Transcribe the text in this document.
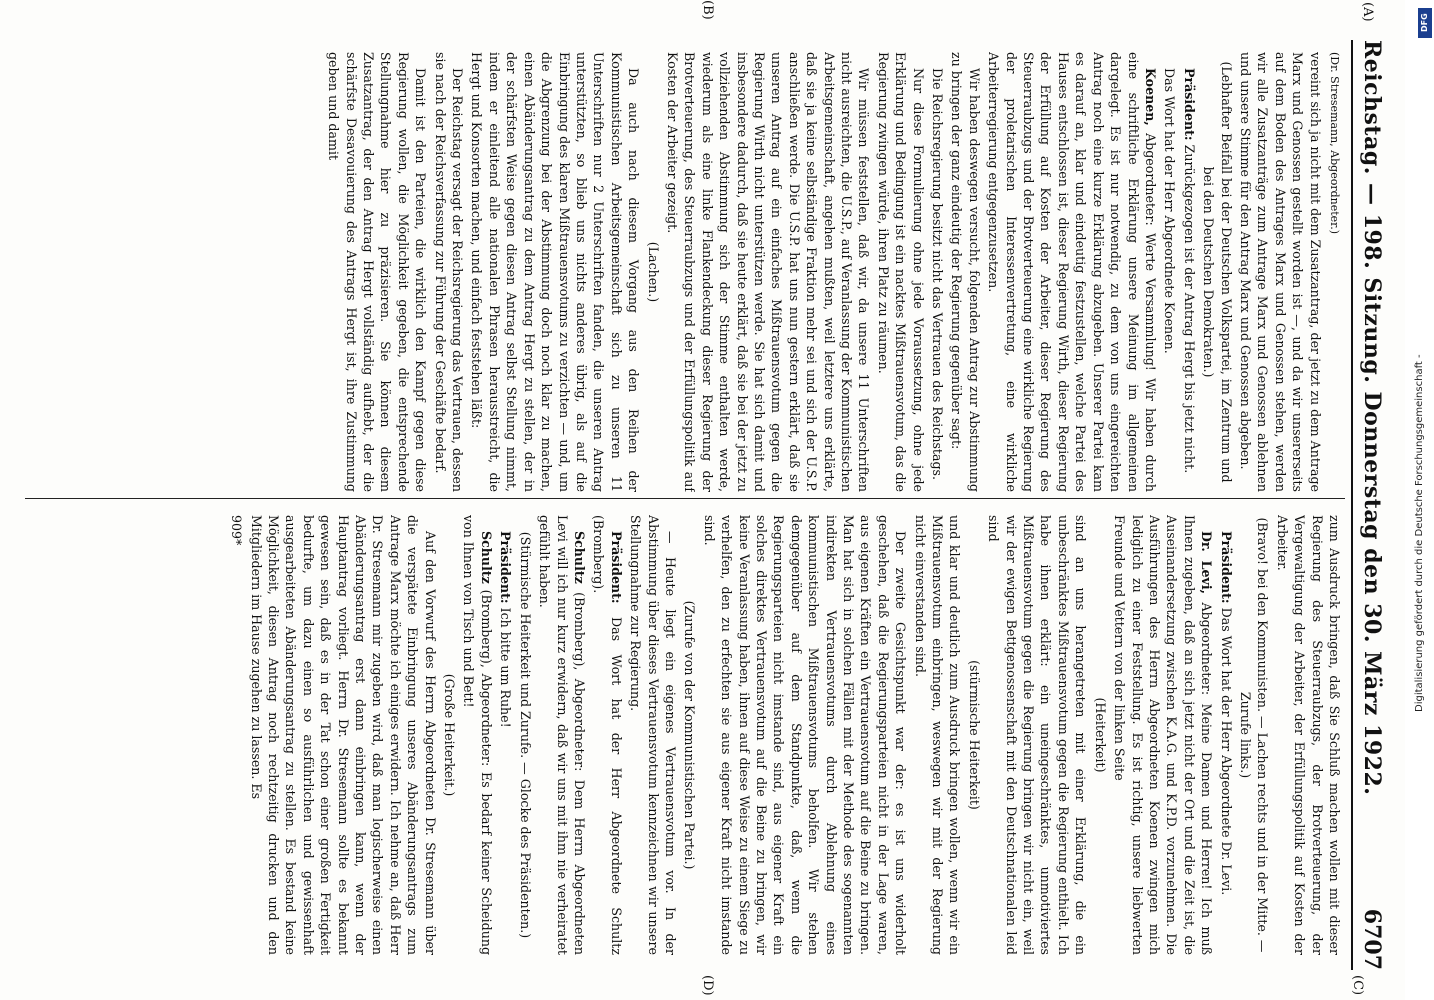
Reichstag. — 198. Sitzung. Donnerstag den 30. März 1922.
6707
(A)
(B)
(C)
(D)

(Dr. Stresemann, Abgeordneter.)

vereint sich ja nicht mit dem Zusatzantrag, der jetzt zu dem Antrage Marx und Genossen gestellt worden ist —, und da wir unsererseits auf dem Boden des Antrages Marx und Genossen stehen, werden wir alle Zusatzanträge zum Antrage Marx und Genossen ablehnen und unsere Stimme für den Antrag Marx und Genossen abgeben.

(Lebhafter Beifall bei der Deutschen Volkspartei, im Zentrum und bei den Deutschen Demokraten.)

Präsident: Zurückgezogen ist der Antrag Hergt bis jetzt nicht.

Das Wort hat der Herr Abgeordnete Koenen.

Koenen, Abgeordneter: Werte Versammlung! Wir haben durch eine schriftliche Erklärung unsere Meinung im allgemeinen dargelegt. Es ist nur notwendig, zu dem von uns eingereichten Antrag noch eine kurze Erklärung abzugeben. Unserer Partei kam es darauf an, klar und eindeutig festzustellen, welche Partei des Hauses entschlossen ist, dieser Regierung Wirth, dieser Regierung der Erfüllung auf Kosten der Arbeiter, dieser Regierung des Steuerraubzugs und der Brotverteuerung eine wirkliche Regierung der proletarischen Interessenvertretung, eine wirkliche Arbeiterregierung entgegenzusetzen.

Wir haben deswegen versucht, folgenden Antrag zur Abstimmung zu bringen der ganz eindeutig der Regierung gegenüber sagt:

Die Reichsregierung besitzt nicht das Vertrauen des Reichstags.

Nur diese Formulierung ohne jede Voraussetzung, ohne jede Erklärung und Bedingung ist ein nacktes Mißtrauensvotum, das die Regierung zwingen würde, ihren Platz zu räumen.

Wir müssen feststellen, daß wir, da unsere 11 Unterschriften nicht ausreichten, die U.S.P., auf Veranlassung der Kommunistischen Arbeitsgemeinschaft, angehen mußten, weil letztere uns erklärte, daß sie ja keine selbständige Fraktion mehr sei und sich der U.S.P. anschließen werde. Die U.S.P. hat uns nun gestern erklärt, daß sie unseren Antrag auf ein einfaches Mißtrauensvotum gegen die Regierung Wirth nicht unterstützen werde. Sie hat sich damit und insbesondere dadurch, daß sie heute erklärt, daß sie bei der jetzt zu vollziehenden Abstimmung sich der Stimme enthalten werde, wiederum als eine linke Flankendeckung dieser Regierung der Brotverteuerung, des Steuerraubzugs und der Erfüllungspolitik auf Kosten der Arbeiter gezeigt.

(Lachen.)

Da auch nach diesem Vorgang aus den Reihen der Kommunistischen Arbeitsgemeinschaft sich zu unseren 11 Unterschriften nur 2 Unterschriften fanden, die unseren Antrag unterstützten, so blieb uns nichts anderes übrig, als auf die Einbringung des klaren Mißtrauensvotums zu verzichten — und, um die Abgrenzung bei der Abstimmung doch noch klar zu machen, einen Abänderungsantrag zu dem Antrag Hergt zu stellen, der in der schärfsten Weise gegen diesen Antrag selbst Stellung nimmt, indem er einleitend alle nationalen Phrasen herausstreicht, die Hergt und Konsorten machen, und einfach feststehen läßt:

Der Reichstag versagt der Reichsregierung das Vertrauen, dessen sie nach der Reichsverfassung zur Führung der Geschäfte bedarf.

Damit ist den Parteien, die wirklich den Kampf gegen diese Regierung wollen, die Möglichkeit gegeben, die entsprechende Stellungnahme hier zu präzisieren. Sie können diesem Zusatzantrag, der den Antrag Hergt vollständig aufhebt, der die schärfste Desavouierung des Antrags Hergt ist, ihre Zustimmung geben und damit

zum Ausdruck bringen, daß Sie Schluß machen wollen mit dieser Regierung des Steuerraubzugs, der Brotverteuerung, der Vergewaltigung der Arbeiter, der Erfüllungspolitik auf Kosten der Arbeiter.

(Bravo! bei den Kommunisten. — Lachen rechts und in der Mitte. — Zurufe links.)

Präsident: Das Wort hat der Herr Abgeordnete Dr. Levi.

Dr. Levi, Abgeordneter: Meine Damen und Herren! Ich muß Ihnen zugeben, daß an sich jetzt nicht der Ort und die Zeit ist, die Auseinandersetzung zwischen K.A.G. und K.P.D. vorzunehmen. Die Ausführungen des Herrn Abgeordneten Koenen zwingen mich lediglich zu einer Feststellung. Es ist richtig, unsere liebwerten Freunde und Vettern von der linken Seite

(Heiterkeit)

sind an uns herangetreten mit einer Erklärung, die ein unbeschränktes Mißtrauensvotum gegen die Regierung enthielt. Ich habe ihnen erklärt: ein uneingeschränktes, unmotiviertes Mißtrauensvotum gegen die Regierung bringen wir nicht ein, weil wir der ewigen Bettgenossenschaft mit den Deutschnationalen leid sind

(stürmische Heiterkeit)

und klar und deutlich zum Ausdruck bringen wollen, wenn wir ein Mißtrauensvotum einbringen, weswegen wir mit der Regierung nicht einverstanden sind.

Der zweite Gesichtspunkt war der: es ist uns widerholt geschehen, daß die Regierungsparteien nicht in der Lage waren, aus eigenen Kräften ein Vertrauensvotum auf die Beine zu bringen. Man hat sich in solchen Fällen mit der Methode des sogenannten indirekten Vertrauensvotums durch Ablehnung eines kommunistischen Mißtrauensvotums beholfen. Wir stehen demgegenüber auf dem Standpunkte, daß, wenn die Regierungsparteien nicht imstande sind, aus eigener Kraft ein solches direktes Vertrauensvotum auf die Beine zu bringen, wir keine Veranlassung haben, ihnen auf diese Weise zu einem Siege zu verhelfen, den zu erfechten sie aus eigener Kraft nicht imstande sind.

(Zurufe von der Kommunistischen Partei.)

— Heute liegt ein eigenes Vertrauensvotum vor. In der Abstimmung über dieses Vertrauensvotum kennzeichnen wir unsere Stellungnahme zur Regierung.

Präsident: Das Wort hat der Herr Abgeordnete Schultz (Bromberg).

Schultz (Bromberg), Abgeordneter: Dem Herrn Abgeordneten Levi will ich nur kurz erwidern, daß wir uns mit ihm nie verheiratet gefühlt haben.

(Stürmische Heiterkeit und Zurufe. — Glocke des Präsidenten.)

Präsident: Ich bitte um Ruhe!

Schultz (Bromberg), Abgeordneter: Es bedarf keiner Scheidung von Ihnen von Tisch und Bett!

(Große Heiterkeit.)

Auf den Vorwurf des Herrn Abgeordneten Dr. Stresemann über die verspätete Einbringung unseres Abänderungsantrags zum Antrage Marx möchte ich einiges erwidern. Ich nehme an, daß Herr Dr. Stresemann mir zugeben wird, daß man logischerweise einen Abänderungsantrag erst dann einbringen kann, wenn der Hauptantrag vorliegt. Herrn Dr. Stresemann sollte es bekannt gewesen sein, daß es in der Tat schon einer großen Fertigkeit bedurfte, um dazu einen so ausführlichen und gewissenhaft ausgearbeiteten Abänderungsantrag zu stellen. Es bestand keine Möglichkeit, diesen Antrag noch rechtzeitig drucken und den Mitgliedern im Hause zugehen zu lassen. Es

909*

DFG
Digitalisierung gefördert durch die Deutsche Forschungsgemeinschaft -
